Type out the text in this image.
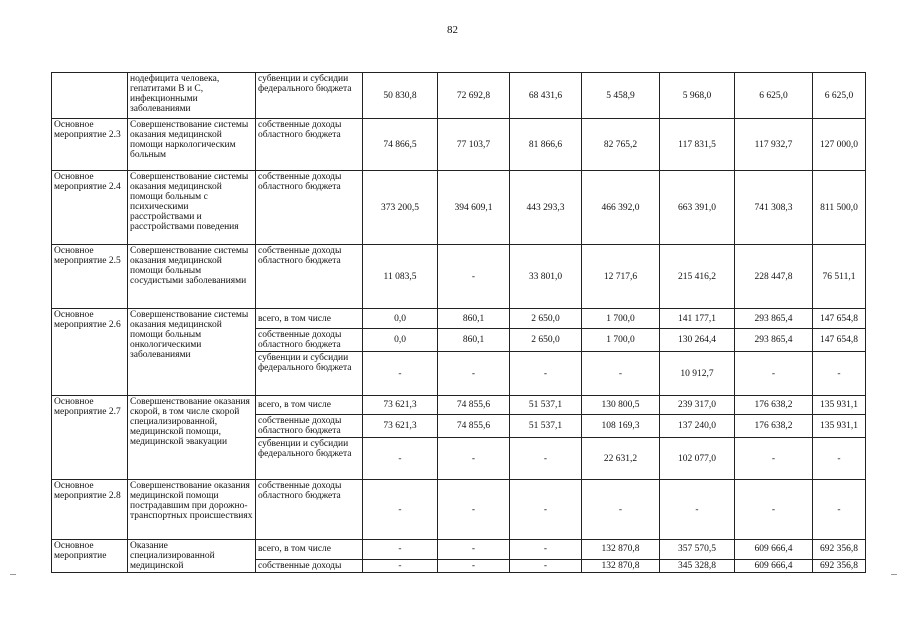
82
	нодефицита человека, гепатитами B и C, инфекционными заболеваниями	субвенции и субсидии федерального бюджета	50 830,8	72 692,8	68 431,6	5 458,9	5 968,0	6 625,0	6 625,0
Основное мероприятие 2.3	Совершенствование системы оказания медицинской помощи наркологическим больным	собственные доходы областного бюджета	74 866,5	77 103,7	81 866,6	82 765,2	117 831,5	117 932,7	127 000,0
Основное мероприятие 2.4	Совершенствование системы оказания медицинской помощи больным с психическими расстройствами и расстройствами поведения	собственные доходы областного бюджета	373 200,5	394 609,1	443 293,3	466 392,0	663 391,0	741 308,3	811 500,0
Основное мероприятие 2.5	Совершенствование системы оказания медицинской помощи больным сосудистыми заболеваниями	собственные доходы областного бюджета	11 083,5	-	33 801,0	12 717,6	215 416,2	228 447,8	76 511,1
Основное мероприятие 2.6	Совершенствование системы оказания медицинской помощи больным онкологическими заболеваниями	всего, в том числе	0,0	860,1	2 650,0	1 700,0	141 177,1	293 865,4	147 654,8
		собственные доходы областного бюджета	0,0	860,1	2 650,0	1 700,0	130 264,4	293 865,4	147 654,8
		субвенции и субсидии федерального бюджета	-	-	-	-	10 912,7	-	-
Основное мероприятие 2.7	Совершенствование оказания скорой, в том числе скорой специализированной, медицинской помощи, медицинской эвакуации	всего, в том числе	73 621,3	74 855,6	51 537,1	130 800,5	239 317,0	176 638,2	135 931,1
		собственные доходы областного бюджета	73 621,3	74 855,6	51 537,1	108 169,3	137 240,0	176 638,2	135 931,1
		субвенции и субсидии федерального бюджета	-	-	-	22 631,2	102 077,0	-	-
Основное мероприятие 2.8	Совершенствование оказания медицинской помощи пострадавшим при дорожно-транспортных происшествиях	собственные доходы областного бюджета	-	-	-	-	-	-	-
Основное мероприятие	Оказание специализированной медицинской	всего, в том числе	-	-	-	132 870,8	357 570,5	609 666,4	692 356,8
		собственные доходы	-	-	-	132 870,8	345 328,8	609 666,4	692 356,8
